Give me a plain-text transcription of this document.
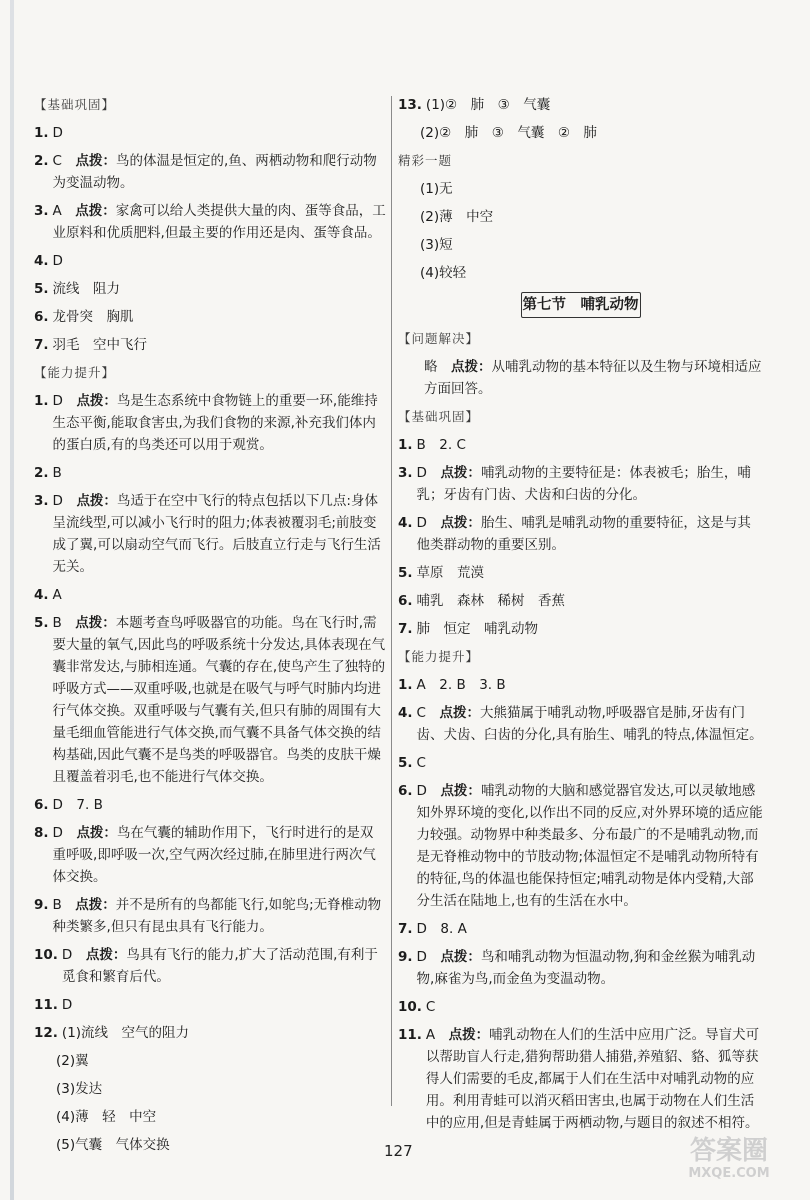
【基础巩固】
1. D
2. C　 点拨：鸟的体温是恒定的,鱼、两栖动物和爬行动物为变温动物。
3. A　 点拨：家禽可以给人类提供大量的肉、蛋等食品，工业原料和优质肥料,但最主要的作用还是肉、蛋等食品。
4. D
5. 流线　阻力
6. 龙骨突　胸肌
7. 羽毛　空中飞行
【能力提升】
1. D　 点拨：鸟是生态系统中食物链上的重要一环,能维持生态平衡,能取食害虫,为我们食物的来源,补充我们体内的蛋白质,有的鸟类还可以用于观赏。
2. B
3. D　 点拨：鸟适于在空中飞行的特点包括以下几点:身体呈流线型,可以减小飞行时的阻力;体表被覆羽毛;前肢变成了翼,可以扇动空气而飞行。后肢直立行走与飞行生活无关。
4. A
5. B　 点拨：本题考查鸟呼吸器官的功能。鸟在飞行时,需要大量的氧气,因此鸟的呼吸系统十分发达,具体表现在气囊非常发达,与肺相连通。气囊的存在,使鸟产生了独特的呼吸方式——双重呼吸,也就是在吸气与呼气时肺内均进行气体交换。双重呼吸与气囊有关,但只有肺的周围有大量毛细血管能进行气体交换,而气囊不具备气体交换的结构基础,因此气囊不是鸟类的呼吸器官。鸟类的皮肤干燥且覆盖着羽毛,也不能进行气体交换。
6. D　7. B
8. D　 点拨：鸟在气囊的辅助作用下，飞行时进行的是双重呼吸,即呼吸一次,空气两次经过肺,在肺里进行两次气体交换。
9. B　 点拨：并不是所有的鸟都能飞行,如鸵鸟;无脊椎动物种类繁多,但只有昆虫具有飞行能力。
10. D　 点拨：鸟具有飞行的能力,扩大了活动范围,有利于觅食和繁育后代。
11. D
12. (1)流线　空气的阻力
(2)翼
(3)发达
(4)薄　轻　中空
(5)气囊　气体交换
13. (1)②　肺　③　气囊
(2)②　肺　③　气囊　②　肺
精彩一题
(1)无
(2)薄　中空
(3)短
(4)较轻
第七节　哺乳动物
【问题解决】
略　 点拨：从哺乳动物的基本特征以及生物与环境相适应方面回答。
【基础巩固】
1. B　2. C
3. D　 点拨：哺乳动物的主要特征是：体表被毛；胎生，哺乳；牙齿有门齿、犬齿和臼齿的分化。
4. D　 点拨：胎生、哺乳是哺乳动物的重要特征，这是与其他类群动物的重要区别。
5. 草原　荒漠
6. 哺乳　森林　稀树　香蕉
7. 肺　恒定　哺乳动物
【能力提升】
1. A　2. B　3. B
4. C　 点拨：大熊猫属于哺乳动物,呼吸器官是肺,牙齿有门齿、犬齿、臼齿的分化,具有胎生、哺乳的特点,体温恒定。
5. C
6. D　 点拨：哺乳动物的大脑和感觉器官发达,可以灵敏地感知外界环境的变化,以作出不同的反应,对外界环境的适应能力较强。动物界中种类最多、分布最广的不是哺乳动物,而是无脊椎动物中的节肢动物;体温恒定不是哺乳动物所特有的特征,鸟的体温也能保持恒定;哺乳动物是体内受精,大部分生活在陆地上,也有的生活在水中。
7. D　8. A
9. D　 点拨：鸟和哺乳动物为恒温动物,狗和金丝猴为哺乳动物,麻雀为鸟,而金鱼为变温动物。
10. C
11. A　 点拨：哺乳动物在人们的生活中应用广泛。导盲犬可以帮助盲人行走,猎狗帮助猎人捕猎,养殖貂、貉、狐等获得人们需要的毛皮,都属于人们在生活中对哺乳动物的应用。利用青蛙可以消灭稻田害虫,也属于动物在人们生活中的应用,但是青蛙属于两栖动物,与题目的叙述不相符。
127	答案圈
MXQE.COM
